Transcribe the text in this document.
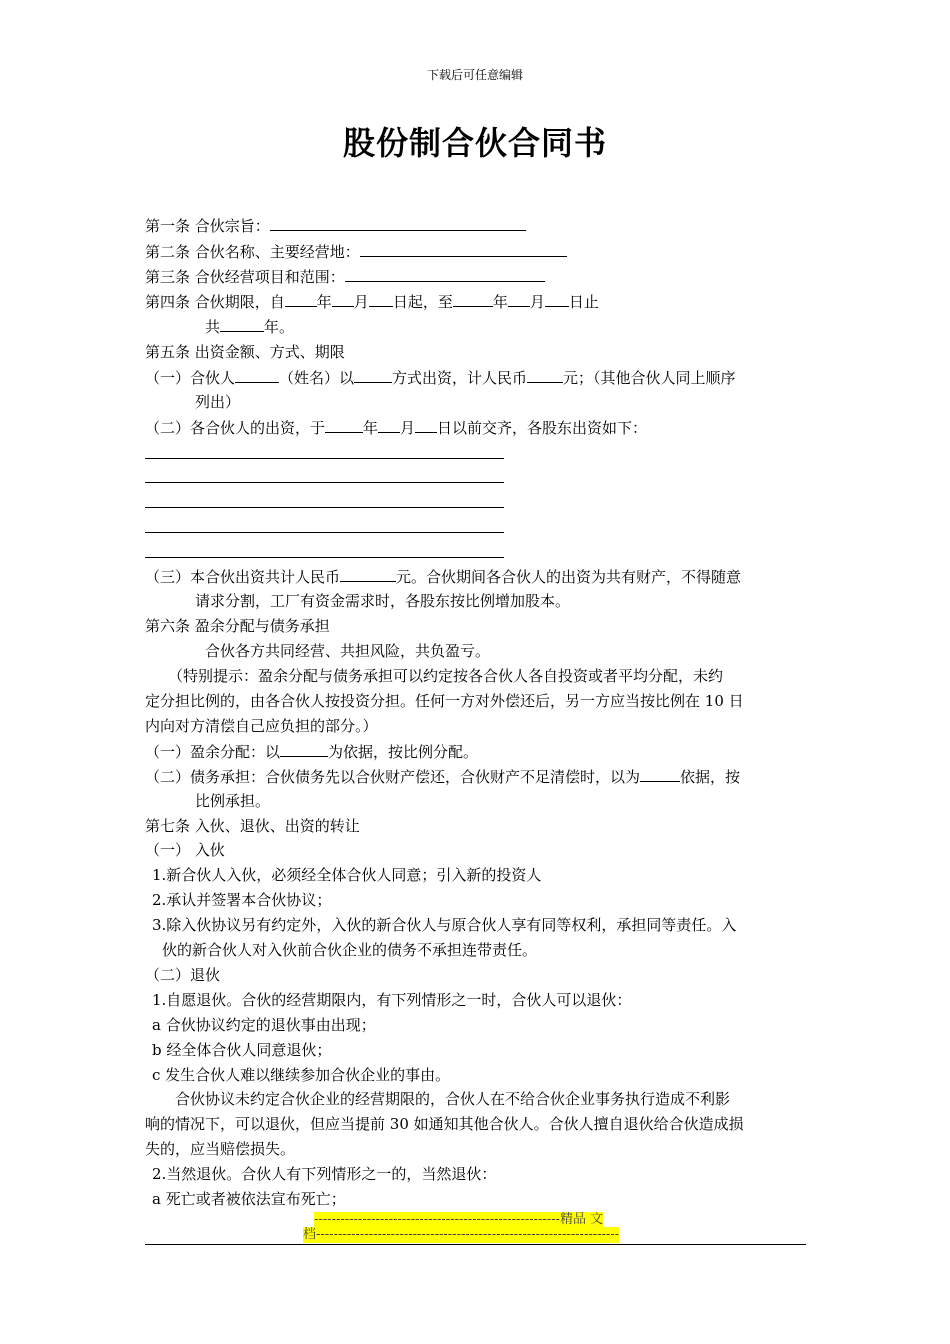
下载后可任意编辑
股份制合伙合同书
第一条 合伙宗旨：
第二条 合伙名称、主要经营地：
第三条 合伙经营项目和范围：
第四条 合伙期限，自 年 月 日起，至	年 月 日止
共	年。
第五条 出资金额、方式、期限
（一）合伙人	（姓名）以	方式出资，计人民币 元；（其他合伙人同上顺序
列出）
（二）各合伙人的出资，于	年 月 日以前交齐，各股东出资如下：
（三）本合伙出资共计人民币	元。合伙期间各合伙人的出资为共有财产，不得随意
请求分割，工厂有资金需求时，各股东按比例增加股本。
第六条 盈余分配与债务承担
合伙各方共同经营、共担风险，共负盈亏。
（特别提示：盈余分配与债务承担可以约定按各合伙人各自投资或者平均分配，未约
定分担比例的，由各合伙人按投资分担。任何一方对外偿还后，另一方应当按比例在 10 日
内向对方清偿自己应负担的部分。）
（一）盈余分配：以	为依据，按比例分配。
（二）债务承担：合伙债务先以合伙财产偿还，合伙财产不足清偿时，以为	依据，按
比例承担。
第七条 入伙、退伙、出资的转让
（一） 入伙
1.新合伙人入伙，必须经全体合伙人同意；引入新的投资人
2.承认并签署本合伙协议；
3.除入伙协议另有约定外，入伙的新合伙人与原合伙人享有同等权利，承担同等责任。入
伙的新合伙人对入伙前合伙企业的债务不承担连带责任。
（二）退伙
1.自愿退伙。合伙的经营期限内，有下列情形之一时，合伙人可以退伙：
a 合伙协议约定的退伙事由出现；
b 经全体合伙人同意退伙；
c 发生合伙人难以继续参加合伙企业的事由。
合伙协议未约定合伙企业的经营期限的，合伙人在不给合伙企业事务执行造成不利影
响的情况下，可以退伙，但应当提前 30 如通知其他合伙人。合伙人擅自退伙给合伙造成损
失的，应当赔偿损失。
2.当然退伙。合伙人有下列情形之一的，当然退伙：
a 死亡或者被依法宣布死亡；
--------------------------------------------------------精品 文
档---------------------------------------------------------------------
